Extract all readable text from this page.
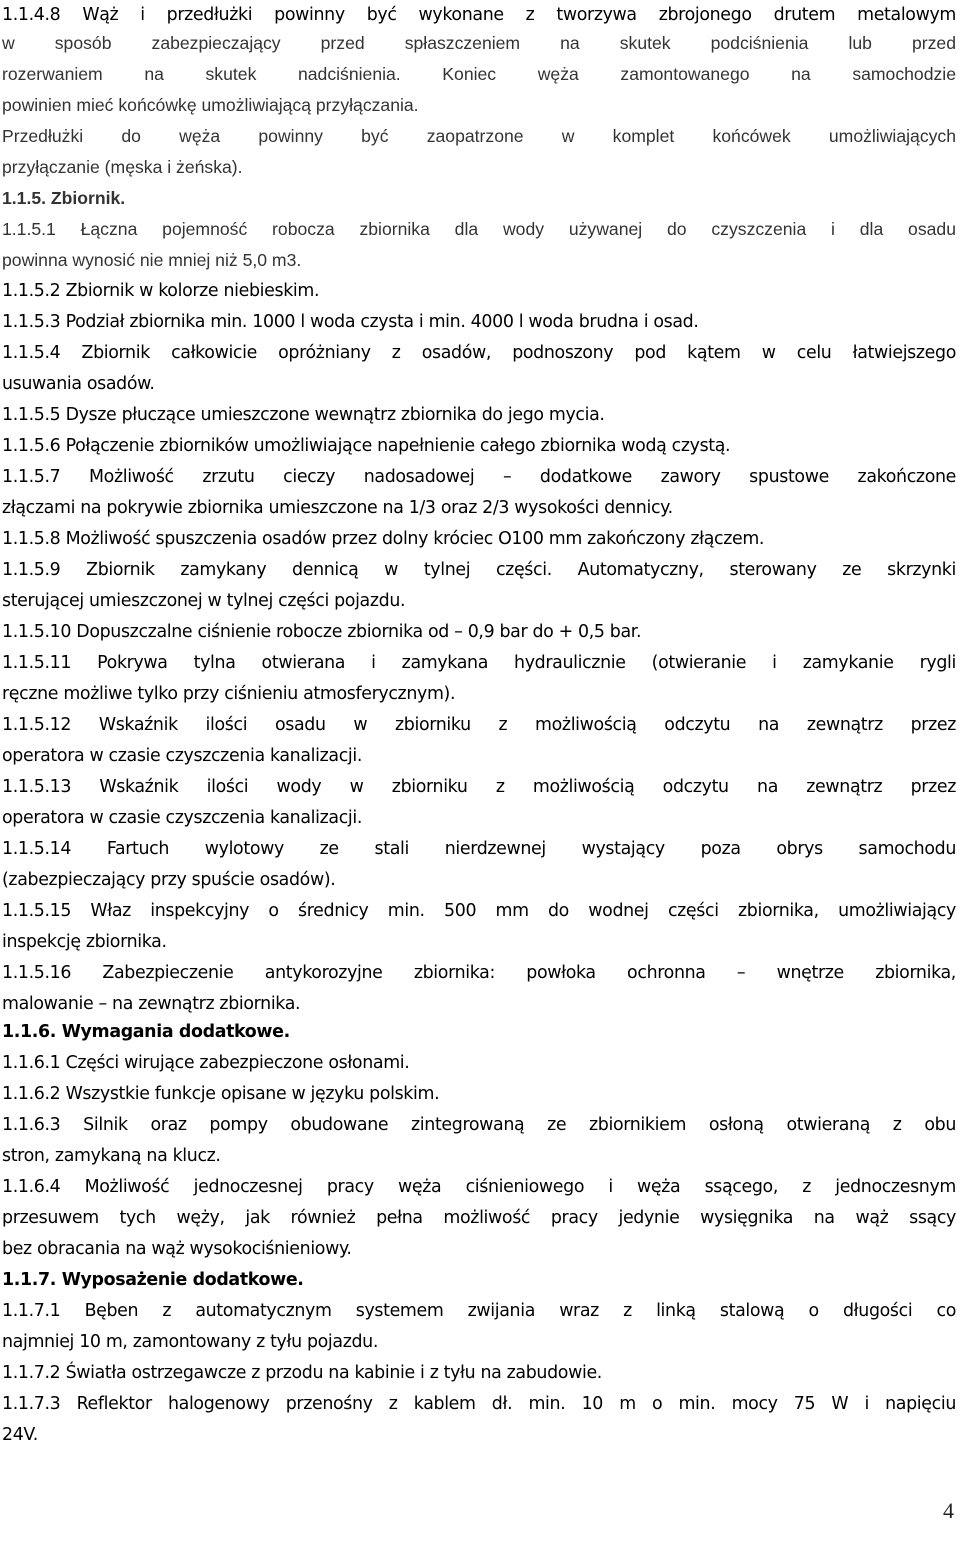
1.1.4.8 Wąż i przedłużki powinny być wykonane z tworzywa zbrojonego drutem metalowym
w sposób zabezpieczający przed spłaszczeniem na skutek podciśnienia lub przed
rozerwaniem na skutek nadciśnienia. Koniec węża zamontowanego na samochodzie
powinien mieć końcówkę umożliwiającą przyłączania.
Przedłużki do węża powinny być zaopatrzone w komplet końcówek umożliwiających
przyłączanie (męska i żeńska).
1.1.5. Zbiornik.
1.1.5.1 Łączna pojemność robocza zbiornika dla wody używanej do czyszczenia i dla osadu
powinna wynosić nie mniej niż 5,0 m3.
1.1.5.2 Zbiornik w kolorze niebieskim.
1.1.5.3 Podział zbiornika min. 1000 l woda czysta i min. 4000 l woda brudna i osad.
1.1.5.4 Zbiornik całkowicie opróżniany z osadów, podnoszony pod kątem w celu łatwiejszego
usuwania osadów.
1.1.5.5 Dysze płuczące umieszczone wewnątrz zbiornika do jego mycia.
1.1.5.6 Połączenie zbiorników umożliwiające napełnienie całego zbiornika wodą czystą.
1.1.5.7 Możliwość zrzutu cieczy nadosadowej – dodatkowe zawory spustowe zakończone
złączami na pokrywie zbiornika umieszczone na 1/3 oraz 2/3 wysokości dennicy.
1.1.5.8 Możliwość spuszczenia osadów przez dolny króciec O100 mm zakończony złączem.
1.1.5.9 Zbiornik zamykany dennicą w tylnej części. Automatyczny, sterowany ze skrzynki
sterującej umieszczonej w tylnej części pojazdu.
1.1.5.10 Dopuszczalne ciśnienie robocze zbiornika od – 0,9 bar do + 0,5 bar.
1.1.5.11 Pokrywa tylna otwierana i zamykana hydraulicznie (otwieranie i zamykanie rygli
ręczne możliwe tylko przy ciśnieniu atmosferycznym).
1.1.5.12 Wskaźnik ilości osadu w zbiorniku z możliwością odczytu na zewnątrz przez
operatora w czasie czyszczenia kanalizacji.
1.1.5.13 Wskaźnik ilości wody w zbiorniku z możliwością odczytu na zewnątrz przez
operatora w czasie czyszczenia kanalizacji.
1.1.5.14 Fartuch wylotowy ze stali nierdzewnej wystający poza obrys samochodu
(zabezpieczający przy spuście osadów).
1.1.5.15 Właz inspekcyjny o średnicy min. 500 mm do wodnej części zbiornika, umożliwiający
inspekcję zbiornika.
1.1.5.16 Zabezpieczenie antykorozyjne zbiornika: powłoka ochronna – wnętrze zbiornika,
malowanie – na zewnątrz zbiornika.
1.1.6. Wymagania dodatkowe.
1.1.6.1 Części wirujące zabezpieczone osłonami.
1.1.6.2 Wszystkie funkcje opisane w języku polskim.
1.1.6.3 Silnik oraz pompy obudowane zintegrowaną ze zbiornikiem osłoną otwieraną z obu
stron, zamykaną na klucz.
1.1.6.4 Możliwość jednoczesnej pracy węża ciśnieniowego i węża ssącego, z jednoczesnym
przesuwem tych węży, jak również pełna możliwość pracy jedynie wysięgnika na wąż ssący
bez obracania na wąż wysokociśnieniowy.
1.1.7. Wyposażenie dodatkowe.
1.1.7.1 Bęben z automatycznym systemem zwijania wraz z linką stalową o długości co
najmniej 10 m, zamontowany z tyłu pojazdu.
1.1.7.2 Światła ostrzegawcze z przodu na kabinie i z tyłu na zabudowie.
1.1.7.3 Reflektor halogenowy przenośny z kablem dł. min. 10 m o min. mocy 75 W i napięciu
24V.
4
